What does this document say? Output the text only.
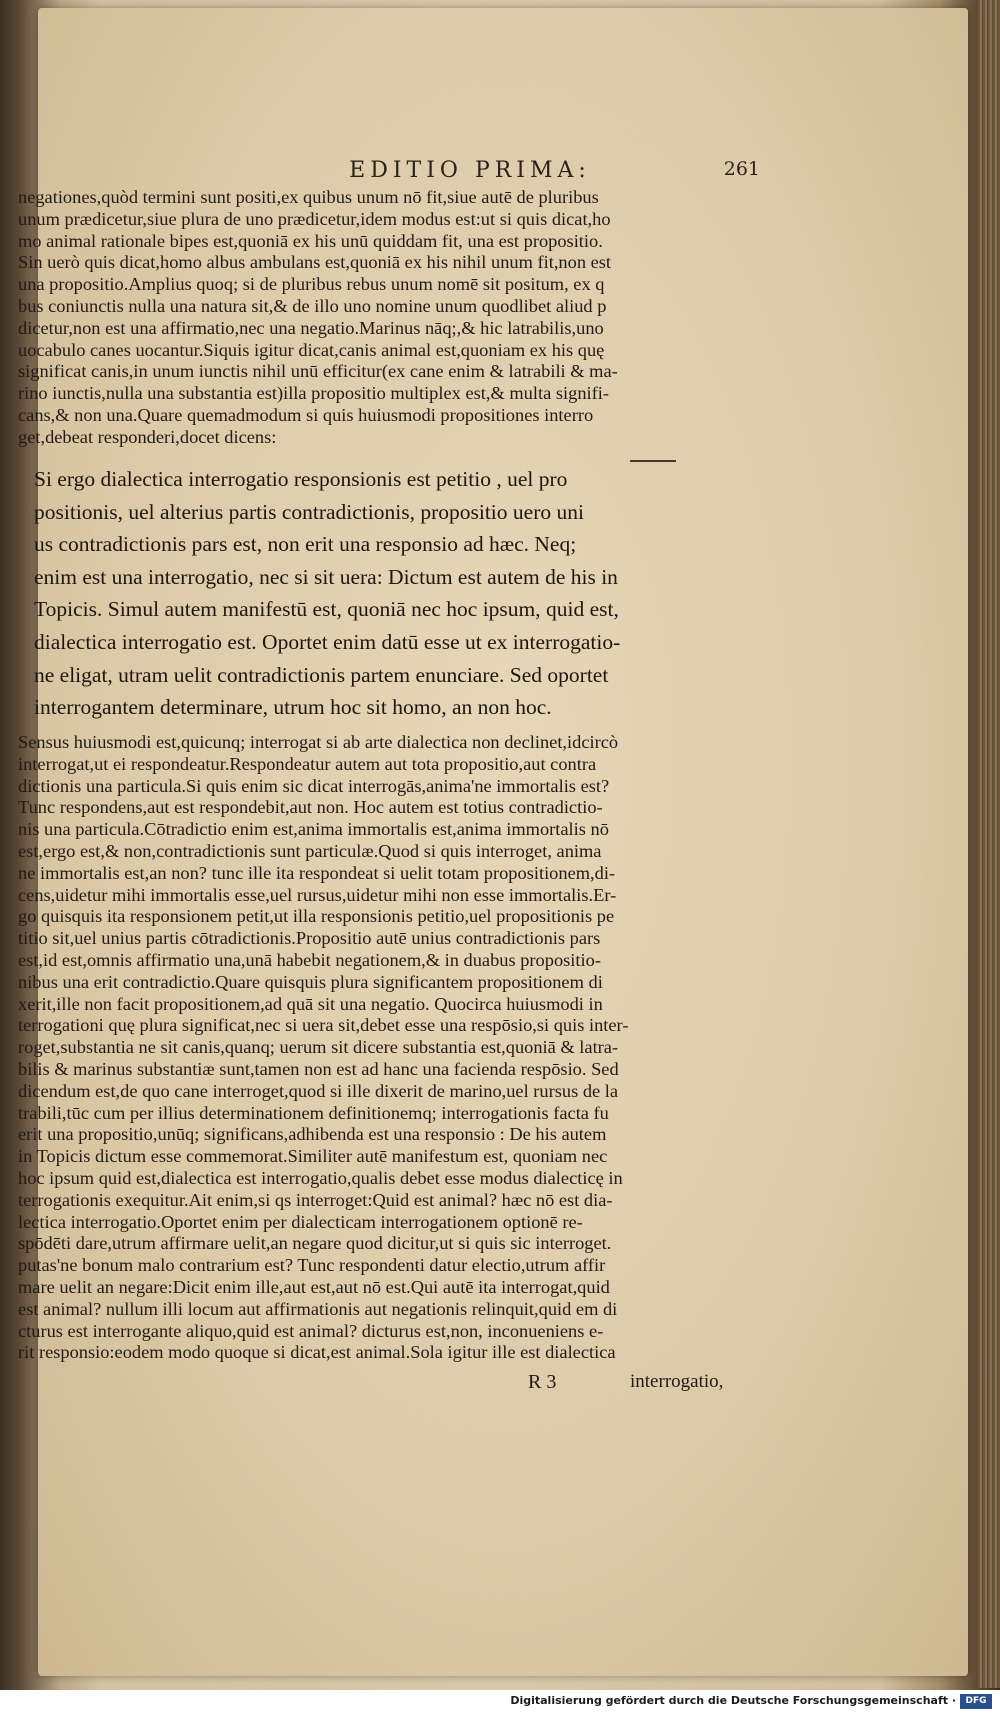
EDITIO PRIMA:	261
negationes,quòd termini sunt positi,ex quibus unum nō fit,siue autē de pluribus
unum prædicetur,siue plura de uno prædicetur,idem modus est:ut si quis dicat,ho
mo animal rationale bipes est,quoniā ex his unū quiddam fit, una est propositio.
Sin uerò quis dicat,homo albus ambulans est,quoniā ex his nihil unum fit,non est
una propositio.Amplius quoq; si de pluribus rebus unum nomē sit positum, ex q
bus coniunctis nulla una natura sit,& de illo uno nomine unum quodlibet aliud p
dicetur,non est una affirmatio,nec una negatio.Marinus nāq;,& hic latrabilis,uno
uocabulo canes uocantur.Siquis igitur dicat,canis animal est,quoniam ex his quę
significat canis,in unum iunctis nihil unū efficitur(ex cane enim & latrabili & ma-
rino iunctis,nulla una substantia est)illa propositio multiplex est,& multa signifi-
cans,& non una.Quare quemadmodum si quis huiusmodi propositiones interro
get,debeat responderi,docet dicens:
Si ergo dialectica interrogatio responsionis est petitio , uel pro
positionis, uel alterius partis contradictionis, propositio uero uni
us contradictionis pars est, non erit una responsio ad hæc. Neq;
enim est una interrogatio, nec si sit uera: Dictum est autem de his in
Topicis. Simul autem manifestū est, quoniā nec hoc ipsum, quid est,
dialectica interrogatio est. Oportet enim datū esse ut ex interrogatio-
ne eligat, utram uelit contradictionis partem enunciare. Sed oportet
interrogantem determinare, utrum hoc sit homo, an non hoc.
Sensus huiusmodi est,quicunq; interrogat si ab arte dialectica non declinet,idcircò
interrogat,ut ei respondeatur.Respondeatur autem aut tota propositio,aut contra
dictionis una particula.Si quis enim sic dicat interrogās,anima'ne immortalis est?
Tunc respondens,aut est respondebit,aut non. Hoc autem est totius contradictio-
nis una particula.Cōtradictio enim est,anima immortalis est,anima immortalis nō
est,ergo est,& non,contradictionis sunt particulæ.Quod si quis interroget, anima
ne immortalis est,an non? tunc ille ita respondeat si uelit totam propositionem,di-
cens,uidetur mihi immortalis esse,uel rursus,uidetur mihi non esse immortalis.Er-
go quisquis ita responsionem petit,ut illa responsionis petitio,uel propositionis pe
titio sit,uel unius partis cōtradictionis.Propositio autē unius contradictionis pars
est,id est,omnis affirmatio una,unā habebit negationem,& in duabus propositio-
nibus una erit contradictio.Quare quisquis plura significantem propositionem di
xerit,ille non facit propositionem,ad quā sit una negatio. Quocirca huiusmodi in
terrogationi quę plura significat,nec si uera sit,debet esse una respōsio,si quis inter-
roget,substantia ne sit canis,quanq; uerum sit dicere substantia est,quoniā & latra-
bilis & marinus substantiæ sunt,tamen non est ad hanc una facienda respōsio. Sed
dicendum est,de quo cane interroget,quod si ille dixerit de marino,uel rursus de la
trabili,tūc cum per illius determinationem definitionemq; interrogationis facta fu
erit una propositio,unūq; significans,adhibenda est una responsio : De his autem
in Topicis dictum esse commemorat.Similiter autē manifestum est, quoniam nec
hoc ipsum quid est,dialectica est interrogatio,qualis debet esse modus dialecticę in
terrogationis exequitur.Ait enim,si qs interroget:Quid est animal? hæc nō est dia-
lectica interrogatio.Oportet enim per dialecticam interrogationem optionē re-
spōdēti dare,utrum affirmare uelit,an negare quod dicitur,ut si quis sic interroget.
putas'ne bonum malo contrarium est? Tunc respondenti datur electio,utrum affir
mare uelit an negare:Dicit enim ille,aut est,aut nō est.Qui autē ita interrogat,quid
est animal? nullum illi locum aut affirmationis aut negationis relinquit,quid em di
cturus est interrogante aliquo,quid est animal? dicturus est,non, inconueniens e-
rit responsio:eodem modo quoque si dicat,est animal.Sola igitur ille est dialectica
R 3	interrogatio,
Digitalisierung gefördert durch die Deutsche Forschungsgemeinschaft ·	DFG
